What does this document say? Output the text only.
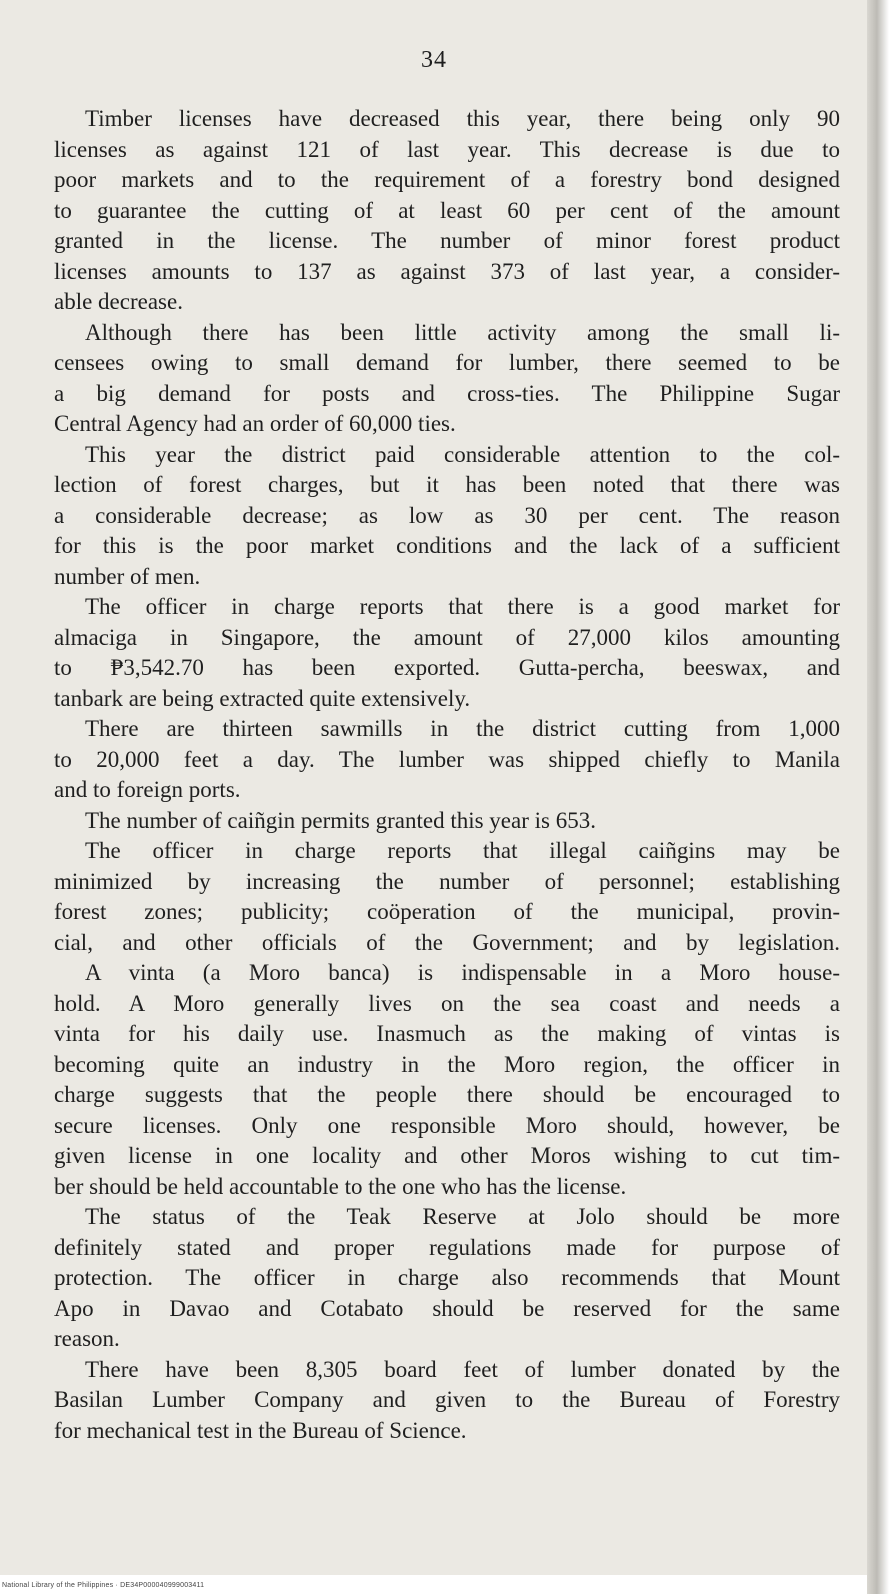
34
Timber licenses have decreased this year, there being only 90
licenses as against 121 of last year. This decrease is due to
poor markets and to the requirement of a forestry bond designed
to guarantee the cutting of at least 60 per cent of the amount
granted in the license. The number of minor forest product
licenses amounts to 137 as against 373 of last year, a consider-
able decrease.
Although there has been little activity among the small li-
censees owing to small demand for lumber, there seemed to be
a big demand for posts and cross-ties. The Philippine Sugar
Central Agency had an order of 60,000 ties.
This year the district paid considerable attention to the col-
lection of forest charges, but it has been noted that there was
a considerable decrease; as low as 30 per cent. The reason
for this is the poor market conditions and the lack of a sufficient
number of men.
The officer in charge reports that there is a good market for
almaciga in Singapore, the amount of 27,000 kilos amounting
to ₱3,542.70 has been exported. Gutta-percha, beeswax, and
tanbark are being extracted quite extensively.
There are thirteen sawmills in the district cutting from 1,000
to 20,000 feet a day. The lumber was shipped chiefly to Manila
and to foreign ports.
The number of caiñgin permits granted this year is 653.
The officer in charge reports that illegal caiñgins may be
minimized by increasing the number of personnel; establishing
forest zones; publicity; coöperation of the municipal, provin-
cial, and other officials of the Government; and by legislation.
A vinta (a Moro banca) is indispensable in a Moro house-
hold. A Moro generally lives on the sea coast and needs a
vinta for his daily use. Inasmuch as the making of vintas is
becoming quite an industry in the Moro region, the officer in
charge suggests that the people there should be encouraged to
secure licenses. Only one responsible Moro should, however, be
given license in one locality and other Moros wishing to cut tim-
ber should be held accountable to the one who has the license.
The status of the Teak Reserve at Jolo should be more
definitely stated and proper regulations made for purpose of
protection. The officer in charge also recommends that Mount
Apo in Davao and Cotabato should be reserved for the same
reason.
There have been 8,305 board feet of lumber donated by the
Basilan Lumber Company and given to the Bureau of Forestry
for mechanical test in the Bureau of Science.
National Library of the Philippines · DE34P000040999003411
